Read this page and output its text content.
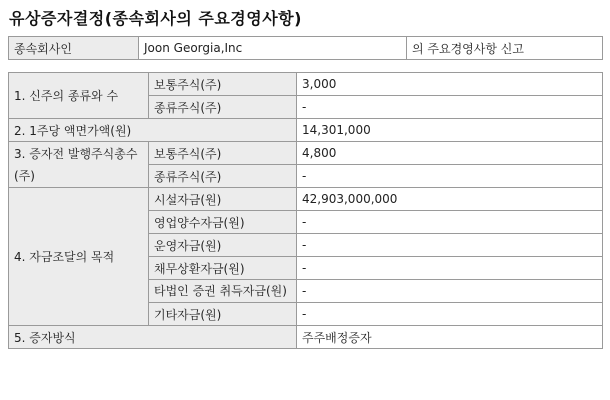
유상증자결정(종속회사의 주요경영사항)
종속회사인	Joon Georgia,Inc	의 주요경영사항 신고
1. 신주의 종류와 수	보통주식(주)	3,000
	종류주식(주)	-
2. 1주당 액면가액(원)		14,301,000
3. 증자전 발행주식총수(주)	보통주식(주)	4,800
	종류주식(주)	-
4. 자금조달의 목적	시설자금(원)	42,903,000,000
	영업양수자금(원)	-
	운영자금(원)	-
	채무상환자금(원)	-
	타법인 증권 취득자금(원)	-
	기타자금(원)	-
5. 증자방식		주주배정증자
